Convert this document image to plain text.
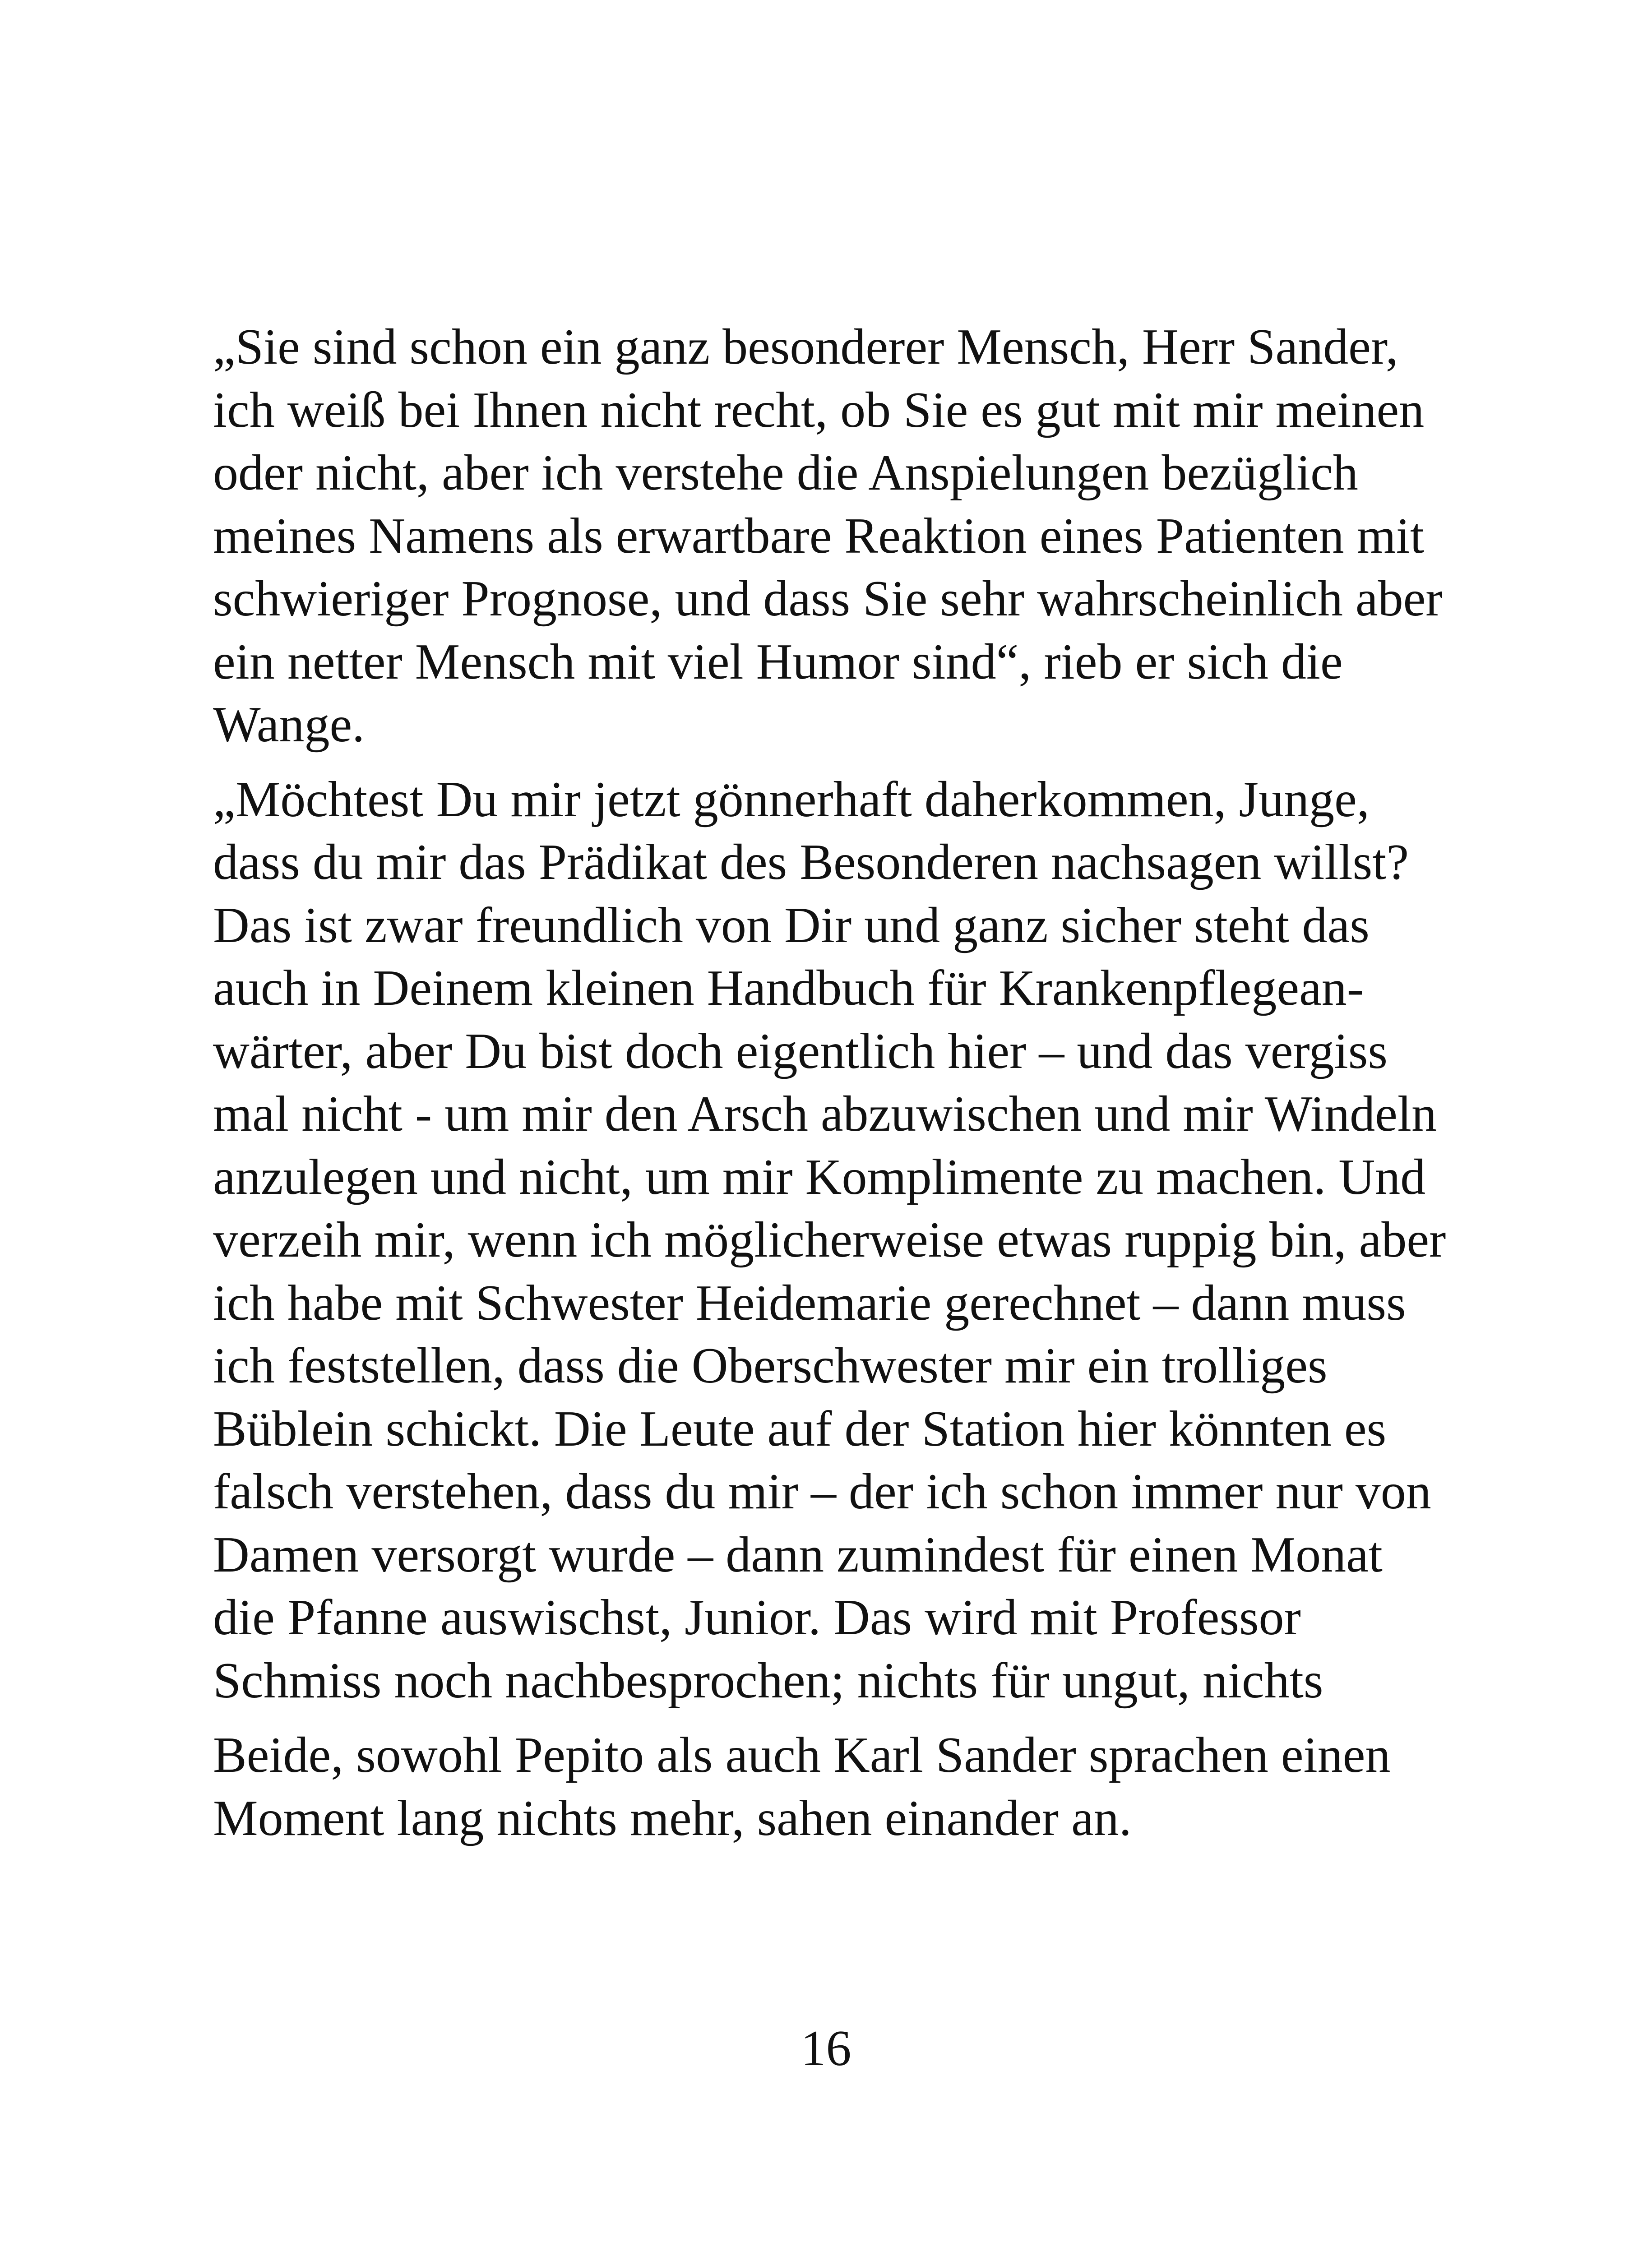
„Sie sind schon ein ganz besonderer Mensch, Herr Sander,
ich weiß bei Ihnen nicht recht, ob Sie es gut mit mir meinen
oder nicht, aber ich verstehe die Anspielungen bezüglich
meines Namens als erwartbare Reaktion eines Patienten mit
schwieriger Prognose, und dass Sie sehr wahrscheinlich aber
ein netter Mensch mit viel Humor sind“, rieb er sich die
Wange.

„Möchtest Du mir jetzt gönnerhaft daherkommen, Junge,
dass du mir das Prädikat des Besonderen nachsagen willst?
Das ist zwar freundlich von Dir und ganz sicher steht das
auch in Deinem kleinen Handbuch für Krankenpflegean-
wärter, aber Du bist doch eigentlich hier – und das vergiss
mal nicht - um mir den Arsch abzuwischen und mir Windeln
anzulegen und nicht, um mir Komplimente zu machen. Und
verzeih mir, wenn ich möglicherweise etwas ruppig bin, aber
ich habe mit Schwester Heidemarie gerechnet – dann muss
ich feststellen, dass die Oberschwester mir ein trolliges
Büblein schickt. Die Leute auf der Station hier könnten es
falsch verstehen, dass du mir – der ich schon immer nur von
Damen versorgt wurde – dann zumindest für einen Monat
die Pfanne auswischst, Junior. Das wird mit Professor
Schmiss noch nachbesprochen; nichts für ungut, nichts

Beide, sowohl Pepito als auch Karl Sander sprachen einen
Moment lang nichts mehr, sahen einander an.

16
